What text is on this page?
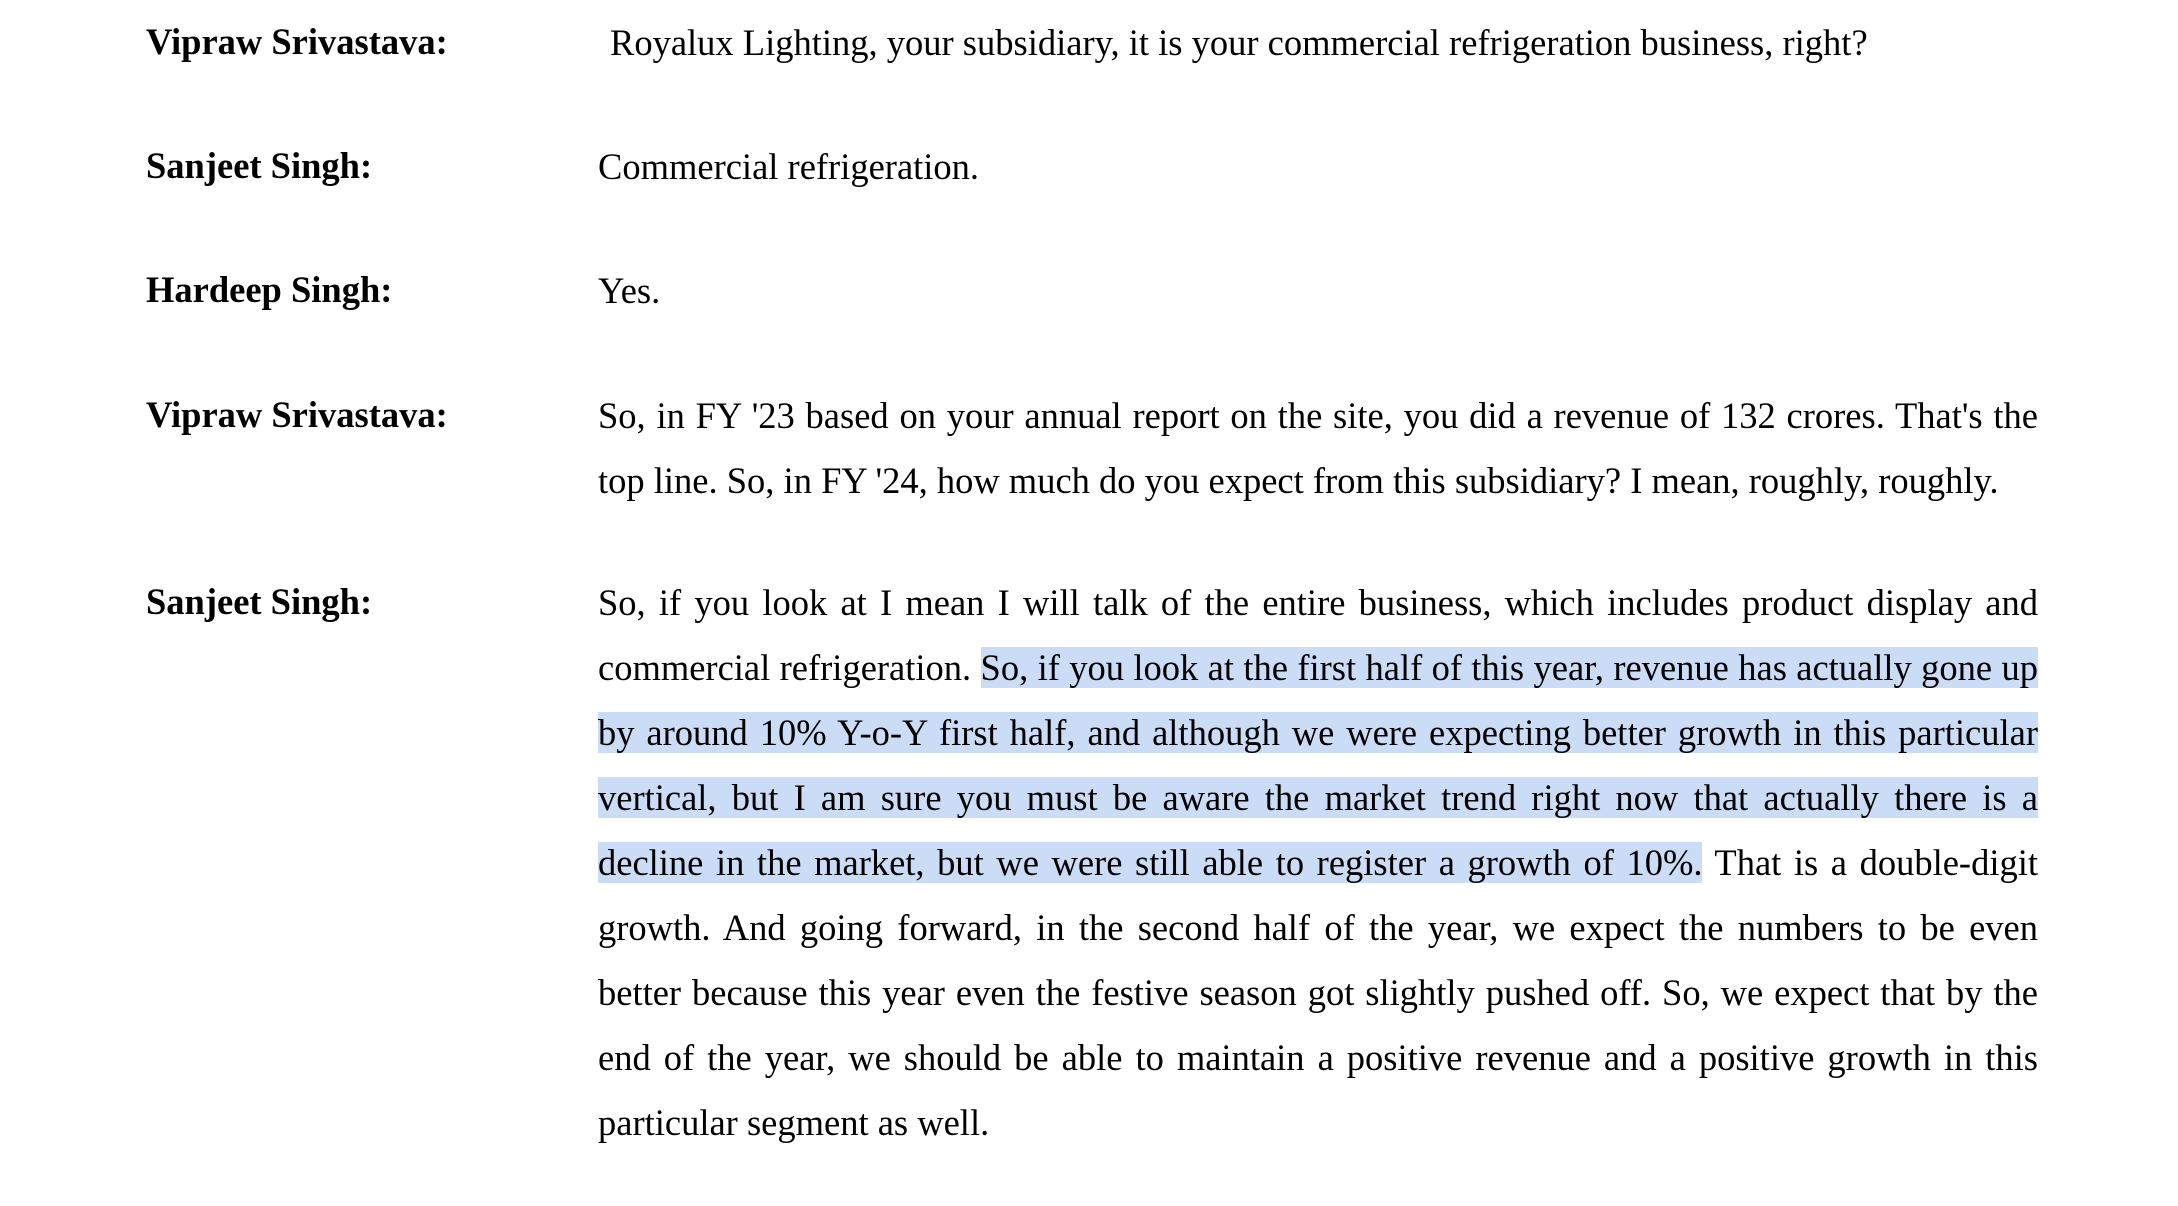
Vipraw Srivastava:	Royalux Lighting, your subsidiary, it is your commercial refrigeration business, right?
Sanjeet Singh:	Commercial refrigeration.
Hardeep Singh:	Yes.
Vipraw Srivastava:	So, in FY '23 based on your annual report on the site, you did a revenue of 132 crores. That's the top line. So, in FY '24, how much do you expect from this subsidiary? I mean, roughly, roughly.
Sanjeet Singh:	So, if you look at I mean I will talk of the entire business, which includes product display and commercial refrigeration. So, if you look at the first half of this year, revenue has actually gone up by around 10% Y-o-Y first half, and although we were expecting better growth in this particular vertical, but I am sure you must be aware the market trend right now that actually there is a decline in the market, but we were still able to register a growth of 10%. That is a double-digit growth. And going forward, in the second half of the year, we expect the numbers to be even better because this year even the festive season got slightly pushed off. So, we expect that by the end of the year, we should be able to maintain a positive revenue and a positive growth in this particular segment as well.
